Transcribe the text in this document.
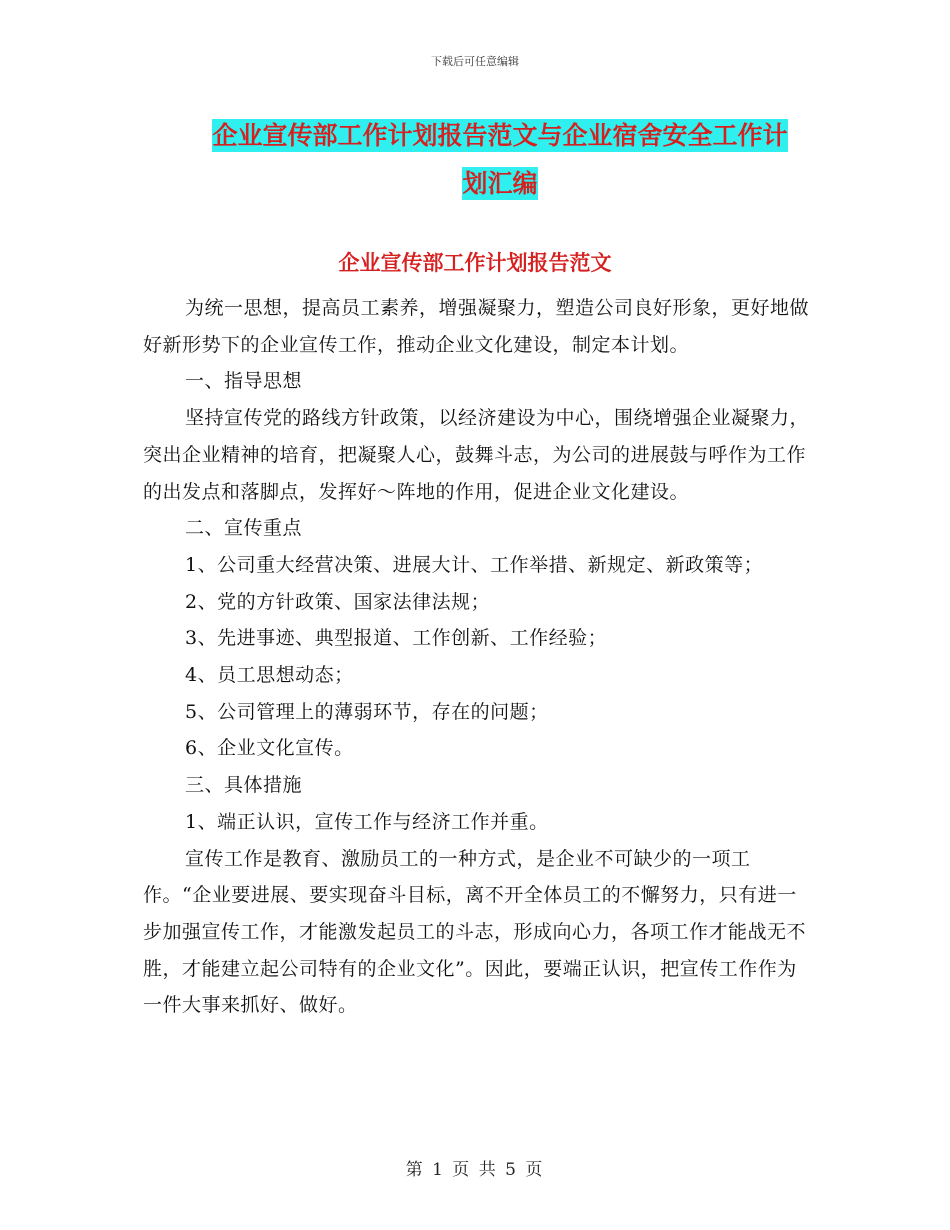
下载后可任意编辑
企业宣传部工作计划报告范文与企业宿舍安全工作计
划汇编
企业宣传部工作计划报告范文

为统一思想，提高员工素养，增强凝聚力，塑造公司良好形象，更好地做好新形势下的企业宣传工作，推动企业文化建设，制定本计划。

一、指导思想

坚持宣传党的路线方针政策，以经济建设为中心，围绕增强企业凝聚力，突出企业精神的培育，把凝聚人心，鼓舞斗志，为公司的进展鼓与呼作为工作的出发点和落脚点，发挥好～阵地的作用，促进企业文化建设。

二、宣传重点

1、公司重大经营决策、进展大计、工作举措、新规定、新政策等；

2、党的方针政策、国家法律法规；

3、先进事迹、典型报道、工作创新、工作经验；

4、员工思想动态；

5、公司管理上的薄弱环节，存在的问题；

6、企业文化宣传。

三、具体措施

1、端正认识，宣传工作与经济工作并重。

宣传工作是教育、激励员工的一种方式，是企业不可缺少的一项工作。“企业要进展、要实现奋斗目标，离不开全体员工的不懈努力，只有进一步加强宣传工作，才能激发起员工的斗志，形成向心力，各项工作才能战无不胜，才能建立起公司特有的企业文化”。因此，要端正认识，把宣传工作作为一件大事来抓好、做好。

第 1 页 共 5 页
